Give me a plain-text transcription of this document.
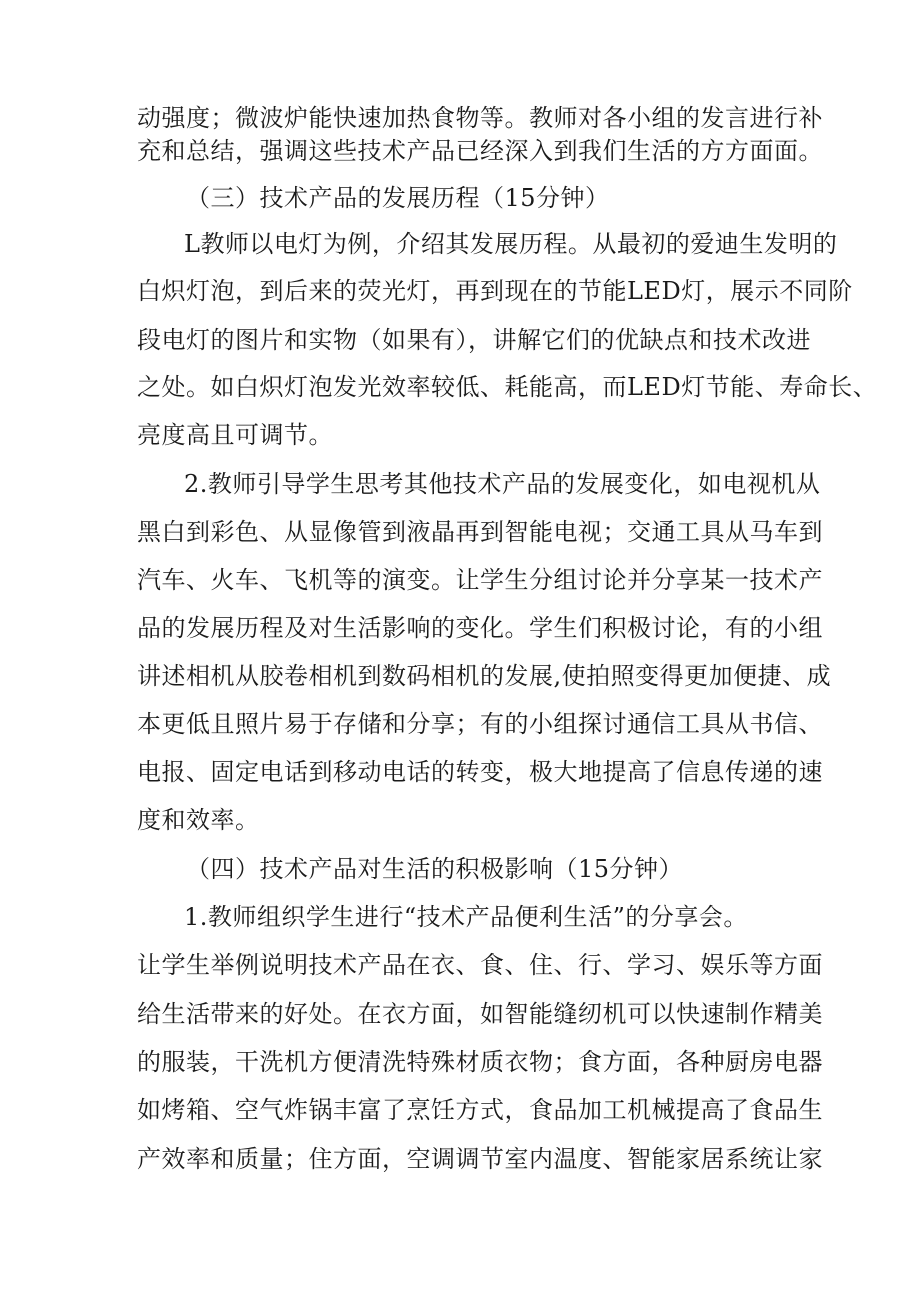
动强度；微波炉能快速加热食物等。教师对各小组的发言进行补
充和总结，强调这些技术产品已经深入到我们生活的方方面面。
（三）技术产品的发展历程（15分钟）
L教师以电灯为例，介绍其发展历程。从最初的爱迪生发明的
白炽灯泡，到后来的荧光灯，再到现在的节能LED灯，展示不同阶
段电灯的图片和实物（如果有），讲解它们的优缺点和技术改进
之处。如白炽灯泡发光效率较低、耗能高，而LED灯节能、寿命长、
亮度高且可调节。
2.教师引导学生思考其他技术产品的发展变化，如电视机从
黑白到彩色、从显像管到液晶再到智能电视；交通工具从马车到
汽车、火车、飞机等的演变。让学生分组讨论并分享某一技术产
品的发展历程及对生活影响的变化。学生们积极讨论，有的小组
讲述相机从胶卷相机到数码相机的发展,使拍照变得更加便捷、成
本更低且照片易于存储和分享；有的小组探讨通信工具从书信、
电报、固定电话到移动电话的转变，极大地提高了信息传递的速
度和效率。
（四）技术产品对生活的积极影响（15分钟）
1.教师组织学生进行“技术产品便利生活”的分享会。
让学生举例说明技术产品在衣、食、住、行、学习、娱乐等方面
给生活带来的好处。在衣方面，如智能缝纫机可以快速制作精美
的服装，干洗机方便清洗特殊材质衣物；食方面，各种厨房电器
如烤箱、空气炸锅丰富了烹饪方式，食品加工机械提高了食品生
产效率和质量；住方面，空调调节室内温度、智能家居系统让家
